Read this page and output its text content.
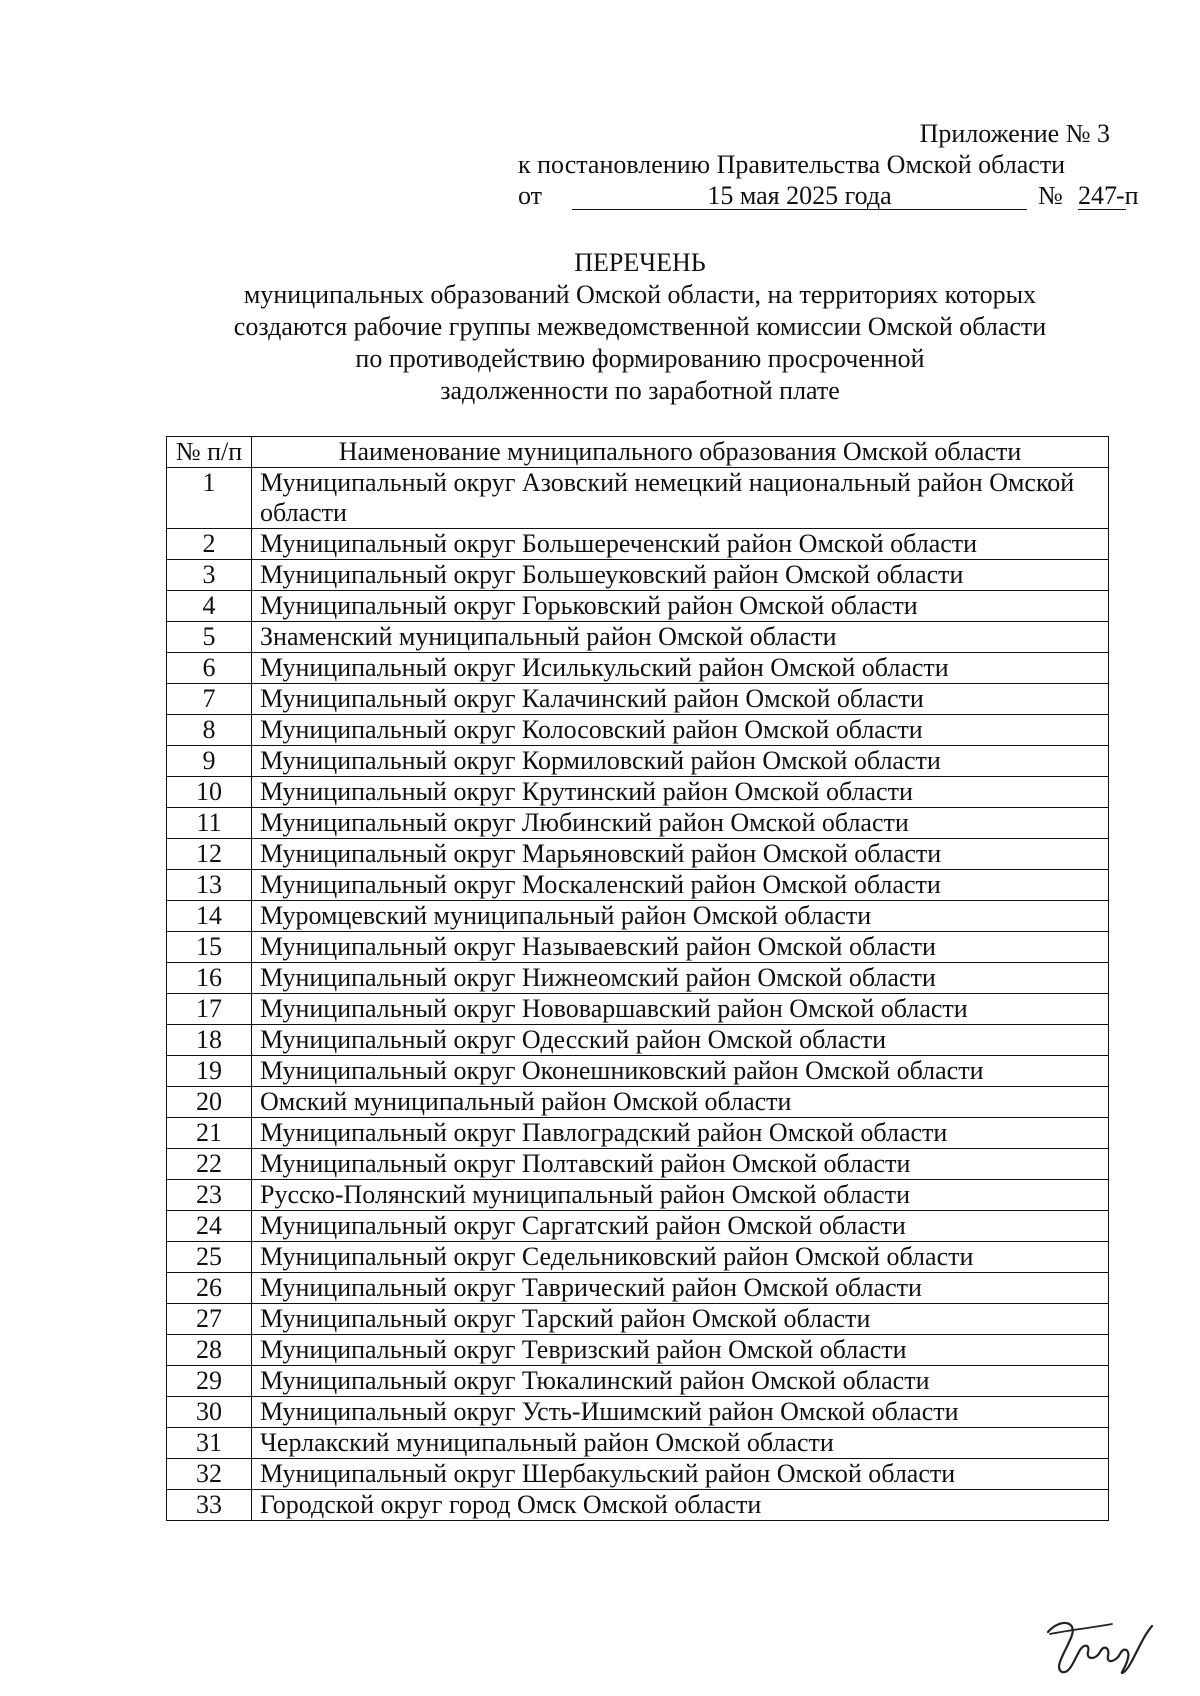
Приложение № 3
к постановлению Правительства Омской области
от	15 мая 2025 года	№ 247 -п
ПЕРЕЧЕНЬ
муниципальных образований Омской области, на территориях которых
создаются рабочие группы межведомственной комиссии Омской области
по противодействию формированию просроченной
задолженности по заработной плате
№ п/п	Наименование муниципального образования Омской области
1	Муниципальный округ Азовский немецкий национальный район Омской области
2	Муниципальный округ Большереченский район Омской области
3	Муниципальный округ Большеуковский район Омской области
4	Муниципальный округ Горьковский район Омской области
5	Знаменский муниципальный район Омской области
6	Муниципальный округ Исилькульский район Омской области
7	Муниципальный округ Калачинский район Омской области
8	Муниципальный округ Колосовский район Омской области
9	Муниципальный округ Кормиловский район Омской области
10	Муниципальный округ Крутинский район Омской области
11	Муниципальный округ Любинский район Омской области
12	Муниципальный округ Марьяновский район Омской области
13	Муниципальный округ Москаленский район Омской области
14	Муромцевский муниципальный район Омской области
15	Муниципальный округ Называевский район Омской области
16	Муниципальный округ Нижнеомский район Омской области
17	Муниципальный округ Нововаршавский район Омской области
18	Муниципальный округ Одесский район Омской области
19	Муниципальный округ Оконешниковский район Омской области
20	Омский муниципальный район Омской области
21	Муниципальный округ Павлоградский район Омской области
22	Муниципальный округ Полтавский район Омской области
23	Русско-Полянский муниципальный район Омской области
24	Муниципальный округ Саргатский район Омской области
25	Муниципальный округ Седельниковский район Омской области
26	Муниципальный округ Таврический район Омской области
27	Муниципальный округ Тарский район Омской области
28	Муниципальный округ Тевризский район Омской области
29	Муниципальный округ Тюкалинский район Омской области
30	Муниципальный округ Усть-Ишимский район Омской области
31	Черлакский муниципальный район Омской области
32	Муниципальный округ Шербакульский район Омской области
33	Городской округ город Омск Омской области
